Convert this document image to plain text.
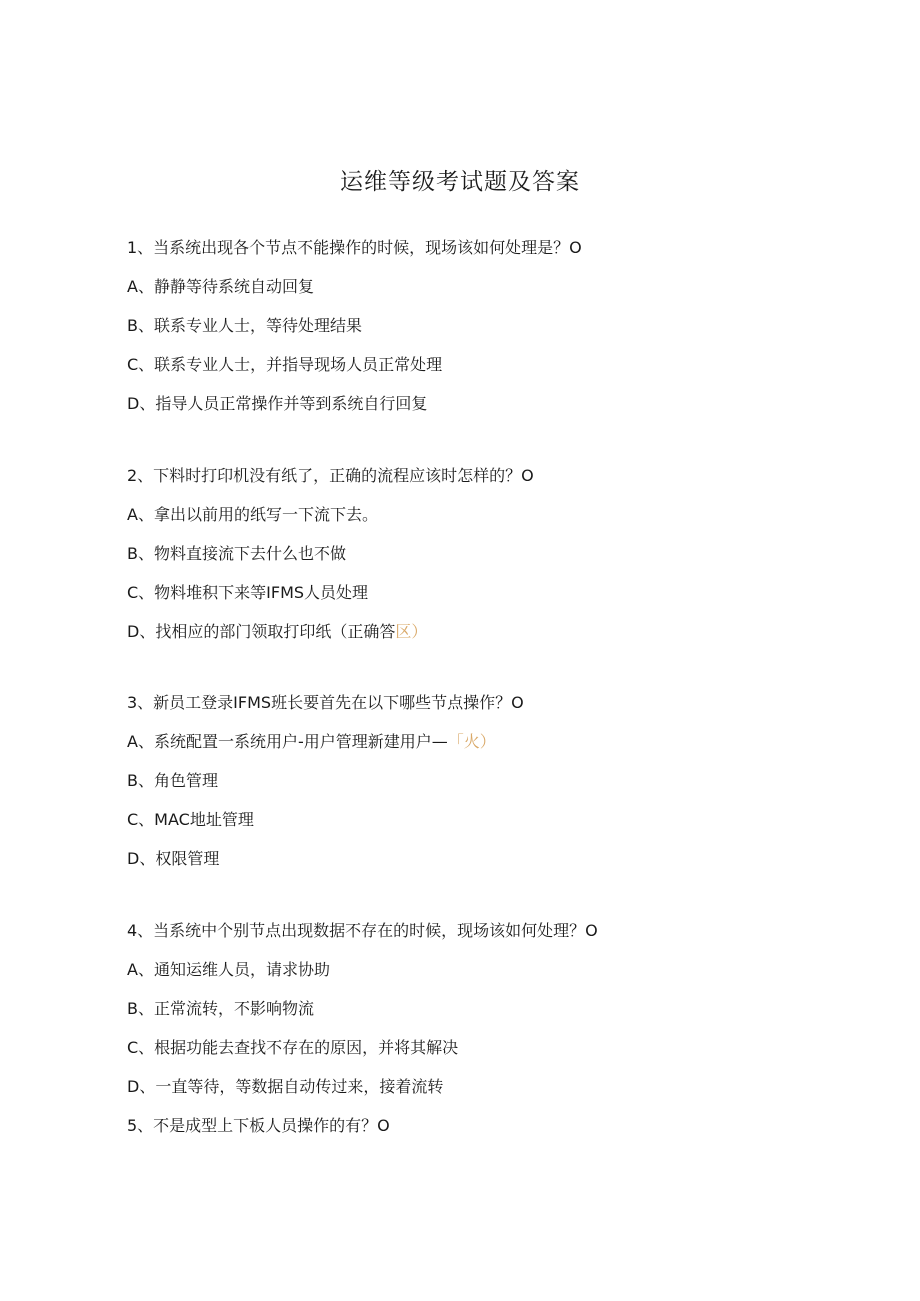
运维等级考试题及答案
1、当系统出现各个节点不能操作的时候，现场该如何处理是？O
A、静静等待系统自动回复
B、联系专业人士，等待处理结果
C、联系专业人士，并指导现场人员正常处理
D、指导人员正常操作并等到系统自行回复
2、下料时打印机没有纸了，正确的流程应该时怎样的？O
A、拿出以前用的纸写一下流下去。
B、物料直接流下去什么也不做
C、物料堆积下来等IFMS人员处理
D、找相应的部门领取打印纸（正确答区）
3、新员工登录IFMS班长要首先在以下哪些节点操作？O
A、系统配置一系统用户-用户管理新建用户—「火）
B、角色管理
C、MAC地址管理
D、权限管理
4、当系统中个别节点出现数据不存在的时候，现场该如何处理？O
A、通知运维人员，请求协助
B、正常流转，不影响物流
C、根据功能去查找不存在的原因，并将其解决
D、一直等待，等数据自动传过来，接着流转
5、不是成型上下板人员操作的有？O
